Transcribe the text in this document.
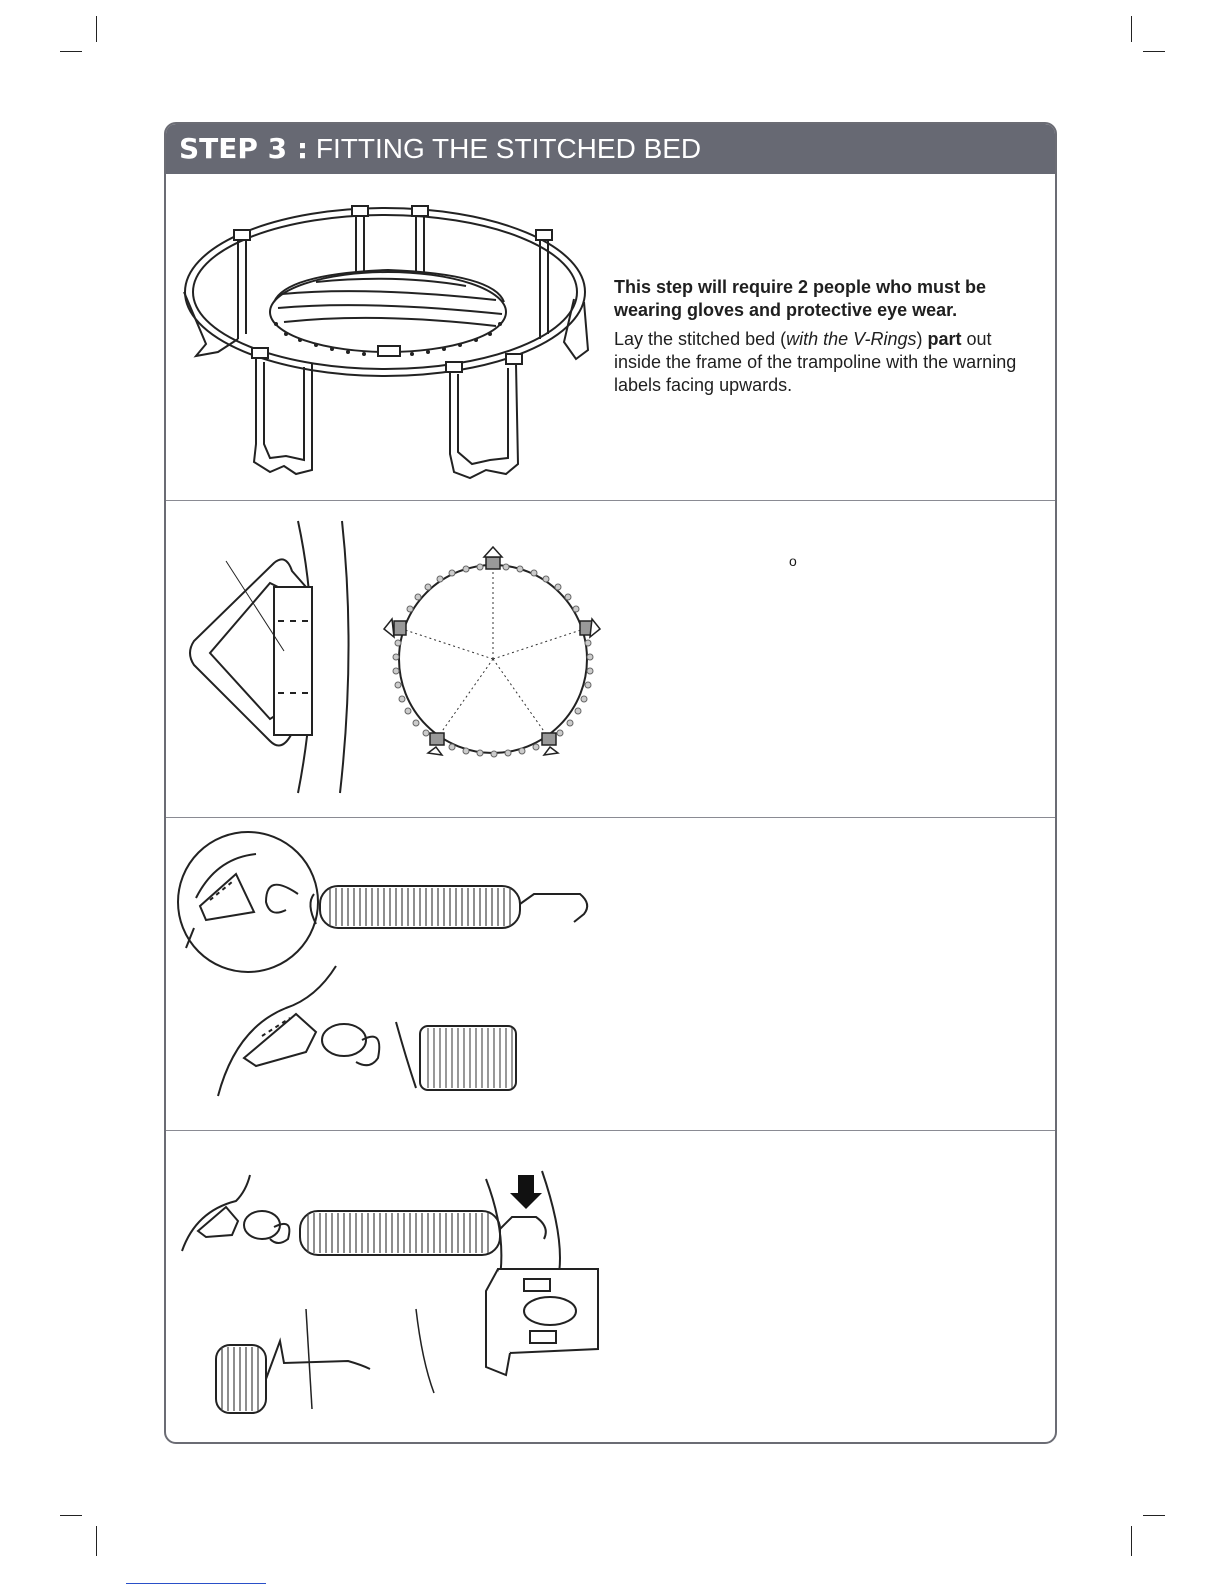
STEP 3 : FITTING THE STITCHED BED
This step will require 2 people who must be wearing gloves and protective eye wear.

Lay the stitched bed (with the V-Rings) part out inside the frame of the trampoline with the warning labels facing upwards.

o
